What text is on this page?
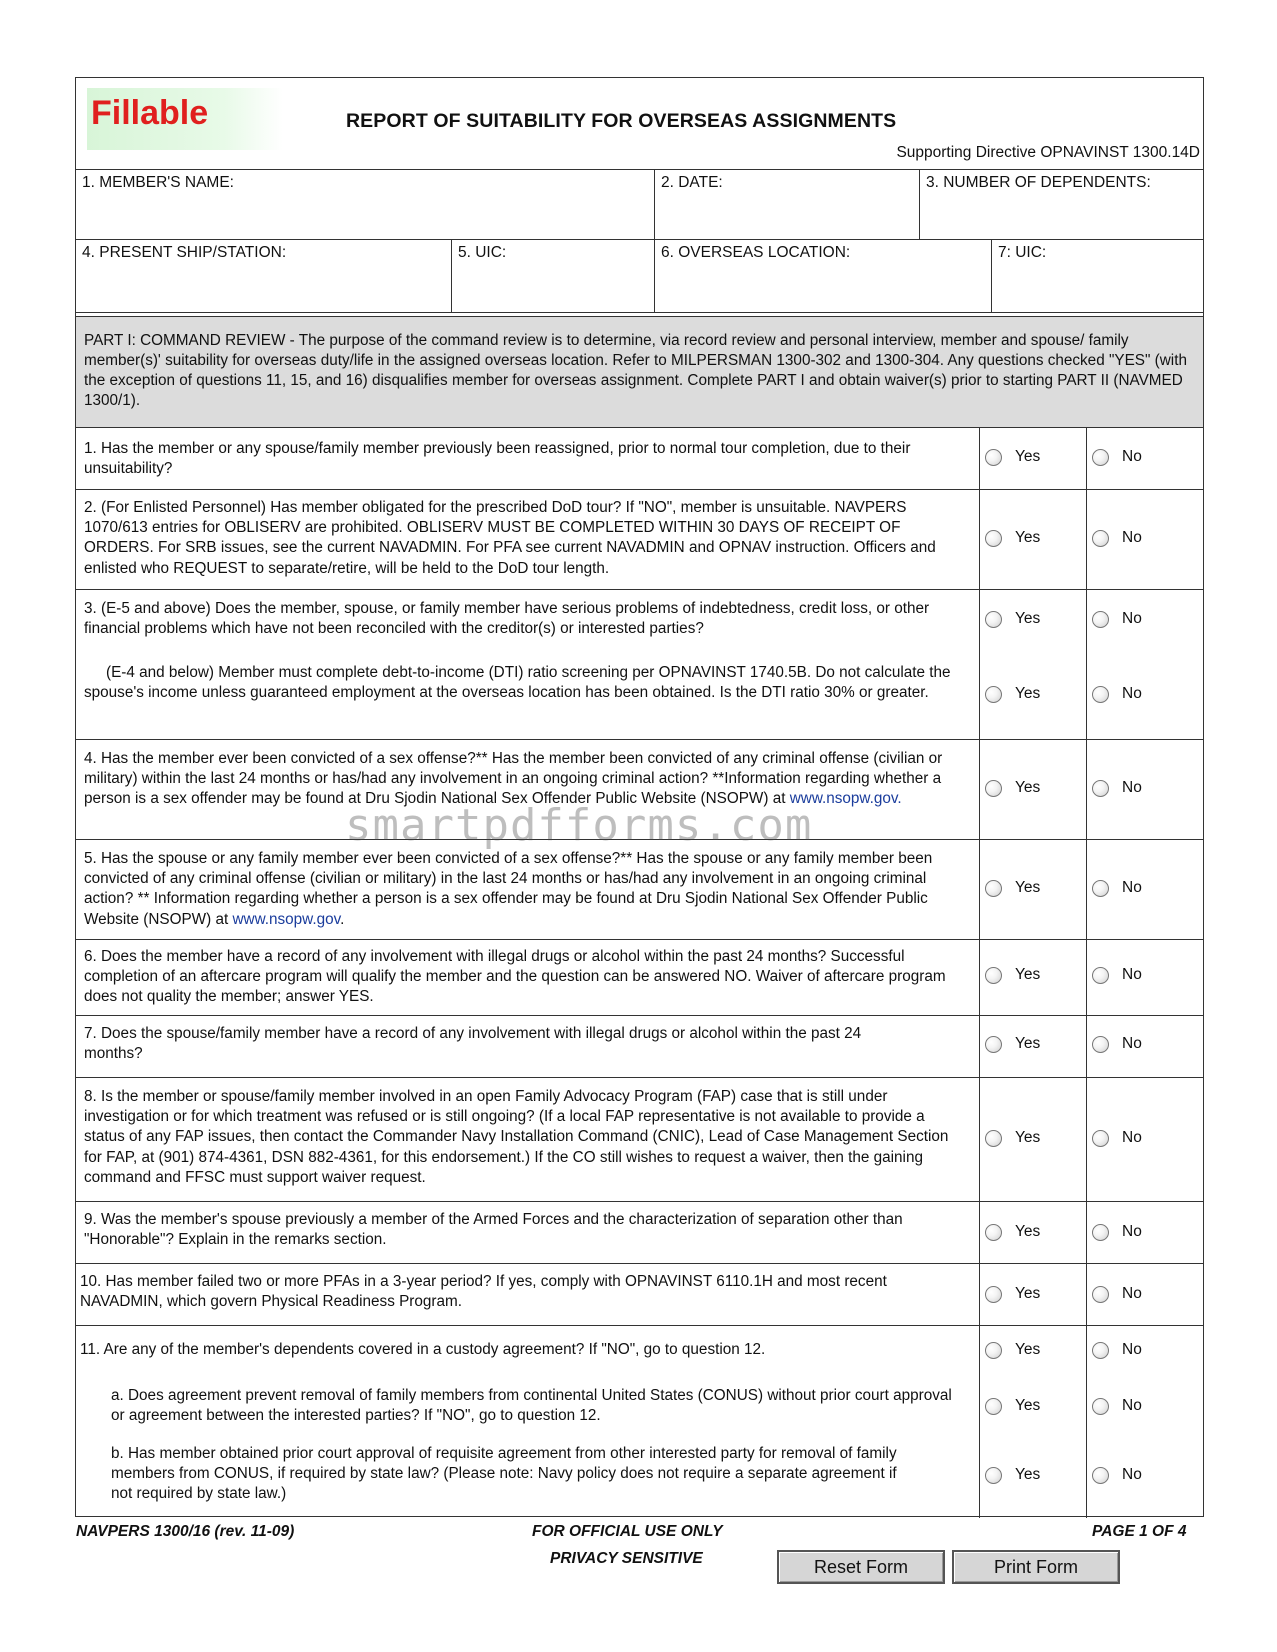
Fillable	REPORT OF SUITABILITY FOR OVERSEAS ASSIGNMENTS
Supporting Directive OPNAVINST 1300.14D
1. MEMBER'S NAME:	2. DATE:	3. NUMBER OF DEPENDENTS:
4. PRESENT SHIP/STATION:	5. UIC:	6. OVERSEAS LOCATION:	7: UIC:
PART I: COMMAND REVIEW - The purpose of the command review is to determine, via record review and personal interview, member and spouse/ family member(s)' suitability for overseas duty/life in the assigned overseas location. Refer to MILPERSMAN 1300-302 and 1300-304. Any questions checked "YES" (with the exception of questions 11, 15, and 16) disqualifies member for overseas assignment. Complete PART I and obtain waiver(s) prior to starting PART II (NAVMED 1300/1).
1. Has the member or any spouse/family member previously been reassigned, prior to normal tour completion, due to their unsuitability?
Yes	No
2. (For Enlisted Personnel) Has member obligated for the prescribed DoD tour? If "NO", member is unsuitable. NAVPERS 1070/613 entries for OBLISERV are prohibited. OBLISERV MUST BE COMPLETED WITHIN 30 DAYS OF RECEIPT OF ORDERS. For SRB issues, see the current NAVADMIN. For PFA see current NAVADMIN and OPNAV instruction. Officers and enlisted who REQUEST to separate/retire, will be held to the DoD tour length.
Yes	No
3. (E-5 and above) Does the member, spouse, or family member have serious problems of indebtedness, credit loss, or other financial problems which have not been reconciled with the creditor(s) or interested parties?
Yes	No
(E-4 and below) Member must complete debt-to-income (DTI) ratio screening per OPNAVINST 1740.5B. Do not calculate the spouse's income unless guaranteed employment at the overseas location has been obtained. Is the DTI ratio 30% or greater.	Yes	No
4. Has the member ever been convicted of a sex offense?** Has the member been convicted of any criminal offense (civilian or military) within the last 24 months or has/had any involvement in an ongoing criminal action? **Information regarding whether a person is a sex offender may be found at Dru Sjodin National Sex Offender Public Website (NSOPW) at www.nsopw.gov.
Yes	No
5. Has the spouse or any family member ever been convicted of a sex offense?** Has the spouse or any family member been convicted of any criminal offense (civilian or military) in the last 24 months or has/had any involvement in an ongoing criminal action? ** Information regarding whether a person is a sex offender may be found at Dru Sjodin National Sex Offender Public Website (NSOPW) at www.nsopw.gov.
Yes	No
6. Does the member have a record of any involvement with illegal drugs or alcohol within the past 24 months? Successful completion of an aftercare program will qualify the member and the question can be answered NO. Waiver of aftercare program does not quality the member; answer YES.
Yes	No
7. Does the spouse/family member have a record of any involvement with illegal drugs or alcohol within the past 24 months?
Yes	No
8. Is the member or spouse/family member involved in an open Family Advocacy Program (FAP) case that is still under investigation or for which treatment was refused or is still ongoing? (If a local FAP representative is not available to provide a status of any FAP issues, then contact the Commander Navy Installation Command (CNIC), Lead of Case Management Section for FAP, at (901) 874-4361, DSN 882-4361, for this endorsement.) If the CO still wishes to request a waiver, then the gaining command and FFSC must support waiver request.
Yes	No
9. Was the member's spouse previously a member of the Armed Forces and the characterization of separation other than "Honorable"? Explain in the remarks section.	Yes	No
10. Has member failed two or more PFAs in a 3-year period? If yes, comply with OPNAVINST 6110.1H and most recent NAVADMIN, which govern Physical Readiness Program.	Yes	No
11. Are any of the member's dependents covered in a custody agreement? If "NO", go to question 12.	Yes	No
a. Does agreement prevent removal of family members from continental United States (CONUS) without prior court approval or agreement between the interested parties? If "NO", go to question 12.
Yes	No
b. Has member obtained prior court approval of requisite agreement from other interested party for removal of family members from CONUS, if required by state law? (Please note: Navy policy does not require a separate agreement if not required by state law.)
Yes	No
smartpdfforms.com
NAVPERS 1300/16 (rev. 11-09)	FOR OFFICIAL USE ONLY
PRIVACY SENSITIVE
PAGE 1 OF 4
Reset Form	Print Form
